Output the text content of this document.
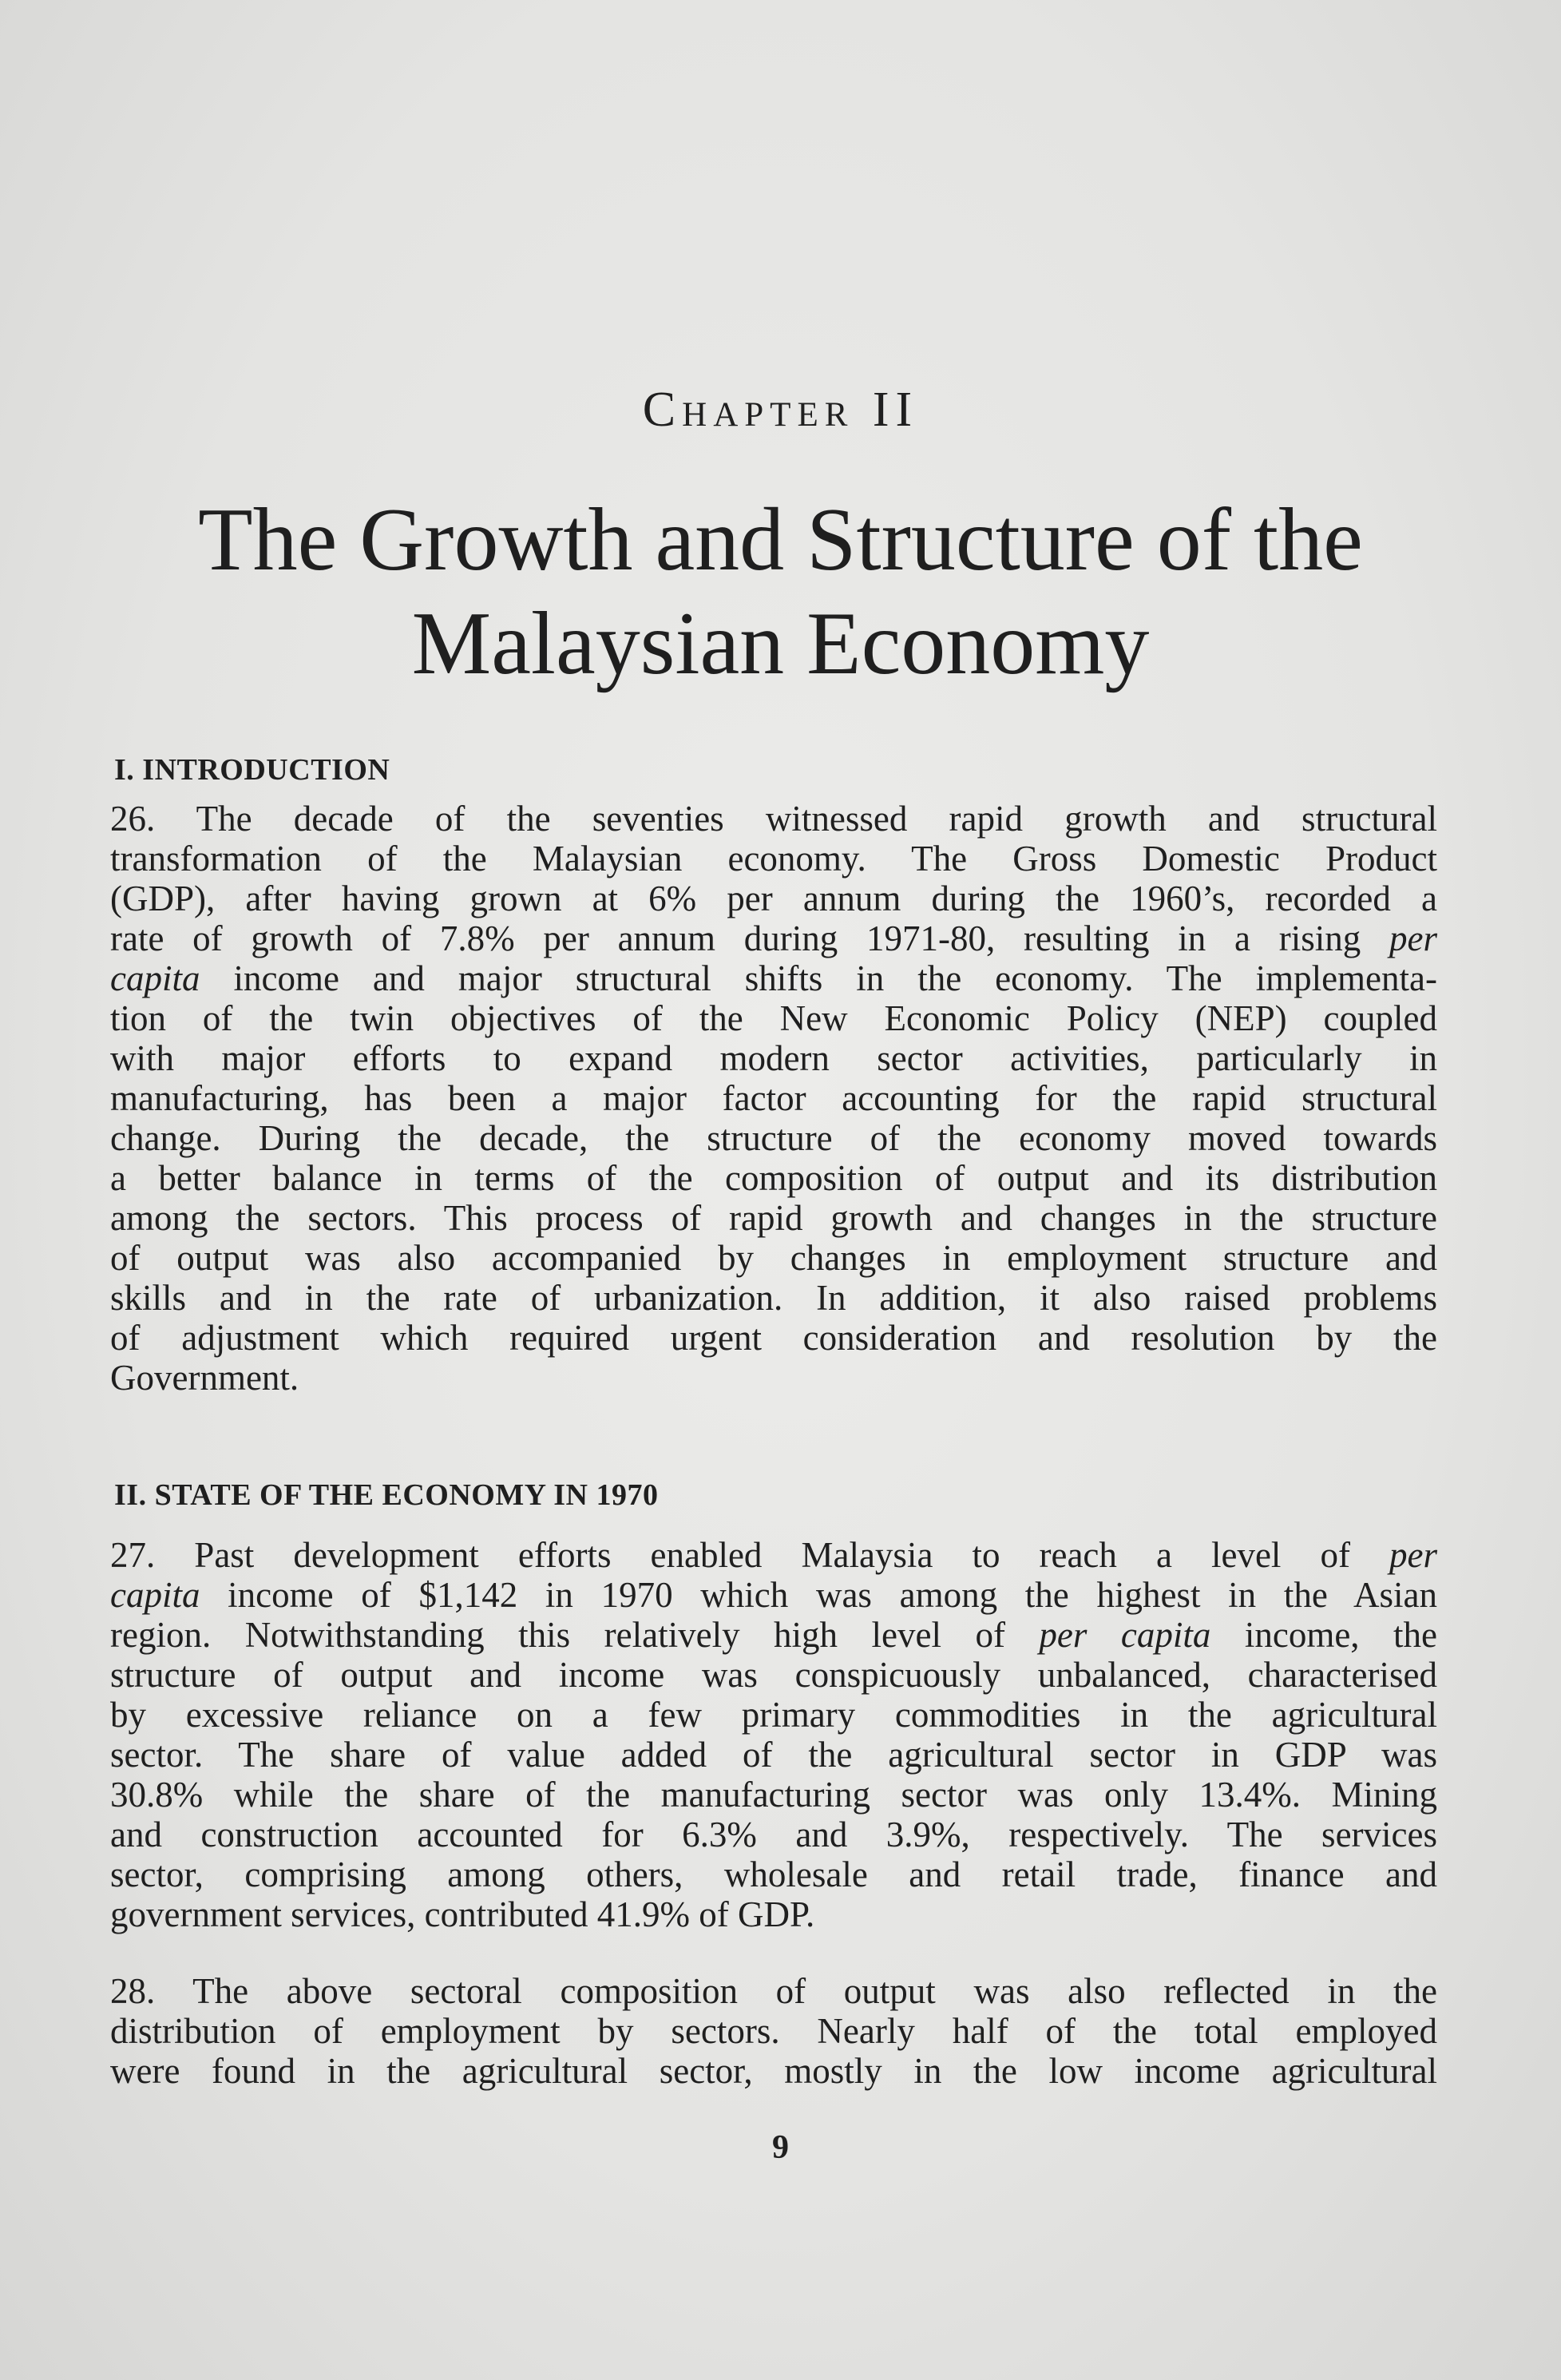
Chapter II
The Growth and Structure of the
Malaysian Economy
I. INTRODUCTION
26. The decade of the seventies witnessed rapid growth and structural
transformation of the Malaysian economy. The Gross Domestic Product
(GDP), after having grown at 6% per annum during the 1960’s, recorded a
rate of growth of 7.8% per annum during 1971-80, resulting in a rising per
capita income and major structural shifts in the economy. The implementa-
tion of the twin objectives of the New Economic Policy (NEP) coupled
with major efforts to expand modern sector activities, particularly in
manufacturing, has been a major factor accounting for the rapid structural
change. During the decade, the structure of the economy moved towards
a better balance in terms of the composition of output and its distribution
among the sectors. This process of rapid growth and changes in the structure
of output was also accompanied by changes in employment structure and
skills and in the rate of urbanization. In addition, it also raised problems
of adjustment which required urgent consideration and resolution by the
Government.
II. STATE OF THE ECONOMY IN 1970
27. Past development efforts enabled Malaysia to reach a level of per
capita income of $1,142 in 1970 which was among the highest in the Asian
region. Notwithstanding this relatively high level of per capita income, the
structure of output and income was conspicuously unbalanced, characterised
by excessive reliance on a few primary commodities in the agricultural
sector. The share of value added of the agricultural sector in GDP was
30.8% while the share of the manufacturing sector was only 13.4%. Mining
and construction accounted for 6.3% and 3.9%, respectively. The services
sector, comprising among others, wholesale and retail trade, finance and
government services, contributed 41.9% of GDP.
28. The above sectoral composition of output was also reflected in the
distribution of employment by sectors. Nearly half of the total employed
were found in the agricultural sector, mostly in the low income agricultural
9
